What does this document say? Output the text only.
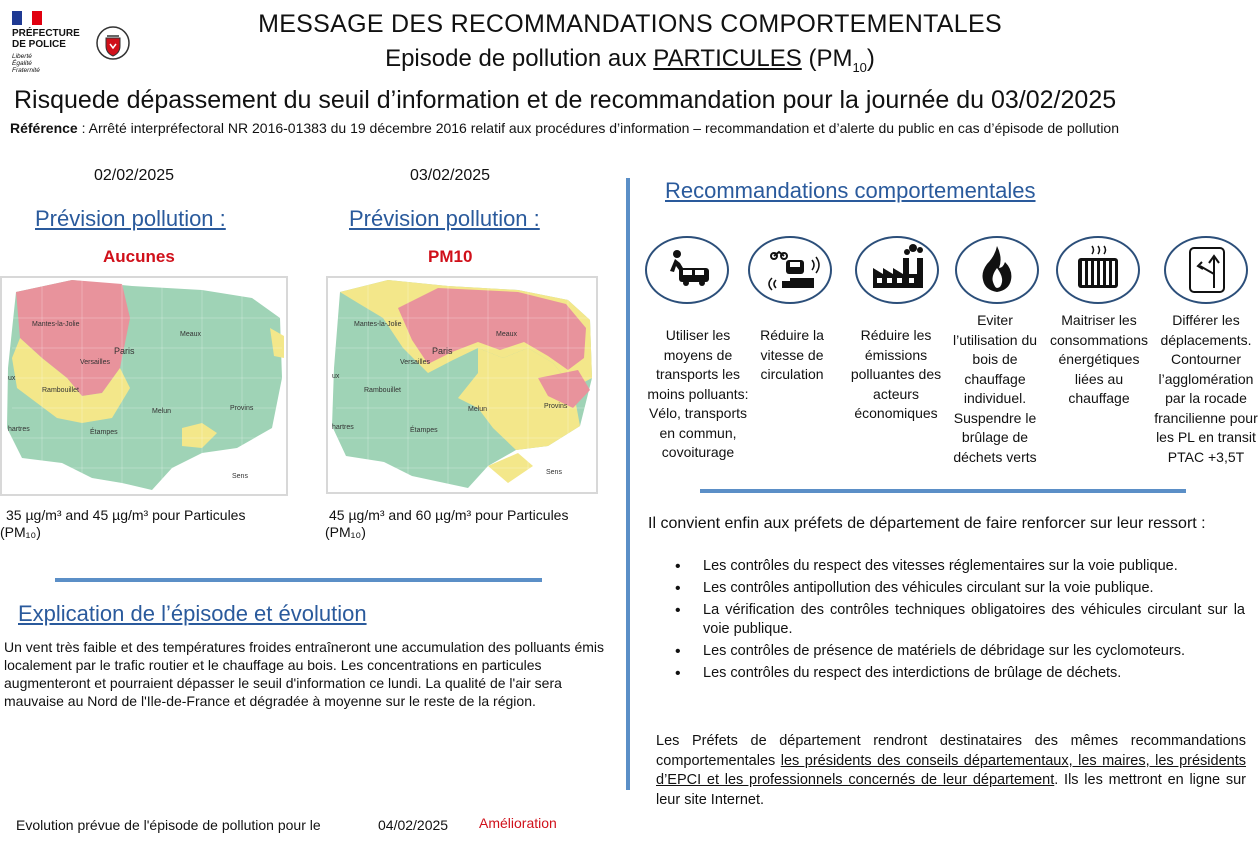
PRÉFECTURE
DE POLICE
Liberté
Égalité
Fraternité
MESSAGE DES RECOMMANDATIONS COMPORTEMENTALES
Episode de pollution aux PARTICULES $(PM_{10})$
Risquede dépassement du seuil d’information et de recommandation pour la journée du 03/02/2025
Référence : Arrêté interpréfectoral NR 2016-01383 du 19 décembre 2016 relatif aux procédures d’information – recommandation et d’alerte du public en cas d’épisode de pollution
02/02/2025
Prévision pollution :
Aucunes
Mantes-la-Jolie
Paris
Versailles
Meaux
Rambouillet
Melun	Provins
Étampes
hartres
Sens
ux
35 µg/m³ and 45 µg/m³ pour Particules
(PM₁₀)
03/02/2025
Prévision pollution :
PM10
Mantes-la-Jolie
Paris
Versailles
Meaux
Rambouillet
Melun	Provins
Étampes
hartres
Sens
ux
45 µg/m³ and 60 µg/m³ pour Particules
(PM₁₀)
Explication de l’épisode et évolution
Un vent très faible et des températures froides entraîneront une accumulation des polluants émis localement par le trafic routier et le chauffage au bois. Les concentrations en particules augmenteront et pourraient dépasser le seuil d'information ce lundi. La qualité de l'air sera mauvaise au Nord de l'Ile-de-France et dégradée à moyenne sur le reste de la région.
Evolution prévue de l'épisode de pollution pour le	04/02/2025 Amélioration
Recommandations comportementales
Utiliser les moyens de transports les moins polluants: Vélo, transports en commun, covoiturage
Réduire la vitesse de circulation
Réduire les émissions polluantes des acteurs économiques
Eviter l’utilisation du bois de chauffage individuel. Suspendre le brûlage de déchets verts
Maitriser les consommations énergétiques liées au chauffage
Différer les déplacements. Contourner l’agglomération par la rocade francilienne pour les PL en transit PTAC +3,5T
Il convient enfin aux préfets de département de faire renforcer sur leur ressort :
• Les contrôles du respect des vitesses réglementaires sur la voie publique.
• Les contrôles antipollution des véhicules circulant sur la voie publique.
• La vérification des contrôles techniques obligatoires des véhicules circulant sur la voie publique.
• Les contrôles de présence de matériels de débridage sur les cyclomoteurs.
• Les contrôles du respect des interdictions de brûlage de déchets.
Les Préfets de département rendront destinataires des mêmes recommandations comportementales les présidents des conseils départementaux, les maires, les présidents d’EPCI et les professionnels concernés de leur département. Ils les mettront en ligne sur leur site Internet.
